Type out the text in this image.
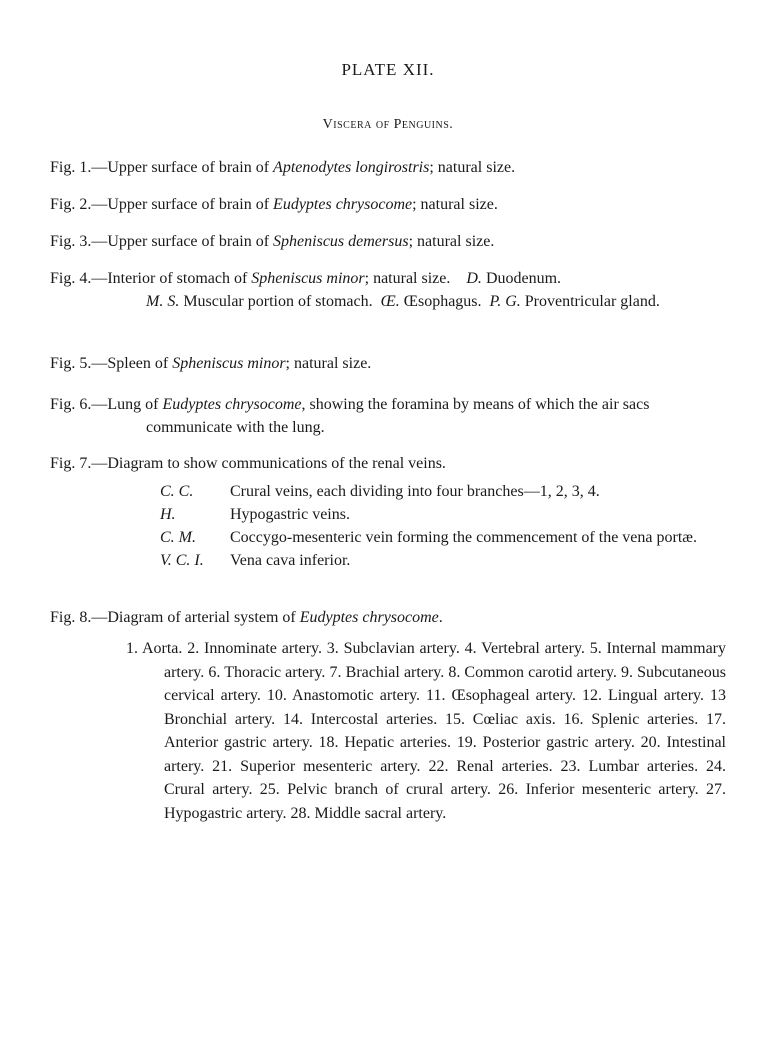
PLATE XII.
Viscera of Penguins.
Fig. 1.—Upper surface of brain of Aptenodytes longirostris; natural size.
Fig. 2.—Upper surface of brain of Eudyptes chrysocome; natural size.
Fig. 3.—Upper surface of brain of Spheniscus demersus; natural size.
Fig. 4.—Interior of stomach of Spheniscus minor; natural size. D. Duodenum.
M. S. Muscular portion of stomach. Œ. Œsophagus. P. G. Proventricular gland.
Fig. 5.—Spleen of Spheniscus minor; natural size.
Fig. 6.—Lung of Eudyptes chrysocome, showing the foramina by means of which the air sacs communicate with the lung.
Fig. 7.—Diagram to show communications of the renal veins.
C. C.	Crural veins, each dividing into four branches—1, 2, 3, 4.
H.	Hypogastric veins.
C. M.	Coccygo-mesenteric vein forming the commencement of the vena portæ.
V. C. I.	Vena cava inferior.
Fig. 8.—Diagram of arterial system of Eudyptes chrysocome.
1. Aorta. 2. Innominate artery. 3. Subclavian artery. 4. Vertebral artery. 5. Internal mammary artery. 6. Thoracic artery. 7. Brachial artery. 8. Common carotid artery. 9. Subcutaneous cervical artery. 10. Anastomotic artery. 11. Œsophageal artery. 12. Lingual artery. 13 Bronchial artery. 14. Intercostal arteries. 15. Cœliac axis. 16. Splenic arteries. 17. Anterior gastric artery. 18. Hepatic arteries. 19. Posterior gastric artery. 20. Intestinal artery. 21. Superior mesenteric artery. 22. Renal arteries. 23. Lumbar arteries. 24. Crural artery. 25. Pelvic branch of crural artery. 26. Inferior mesenteric artery. 27. Hypogastric artery. 28. Middle sacral artery.
